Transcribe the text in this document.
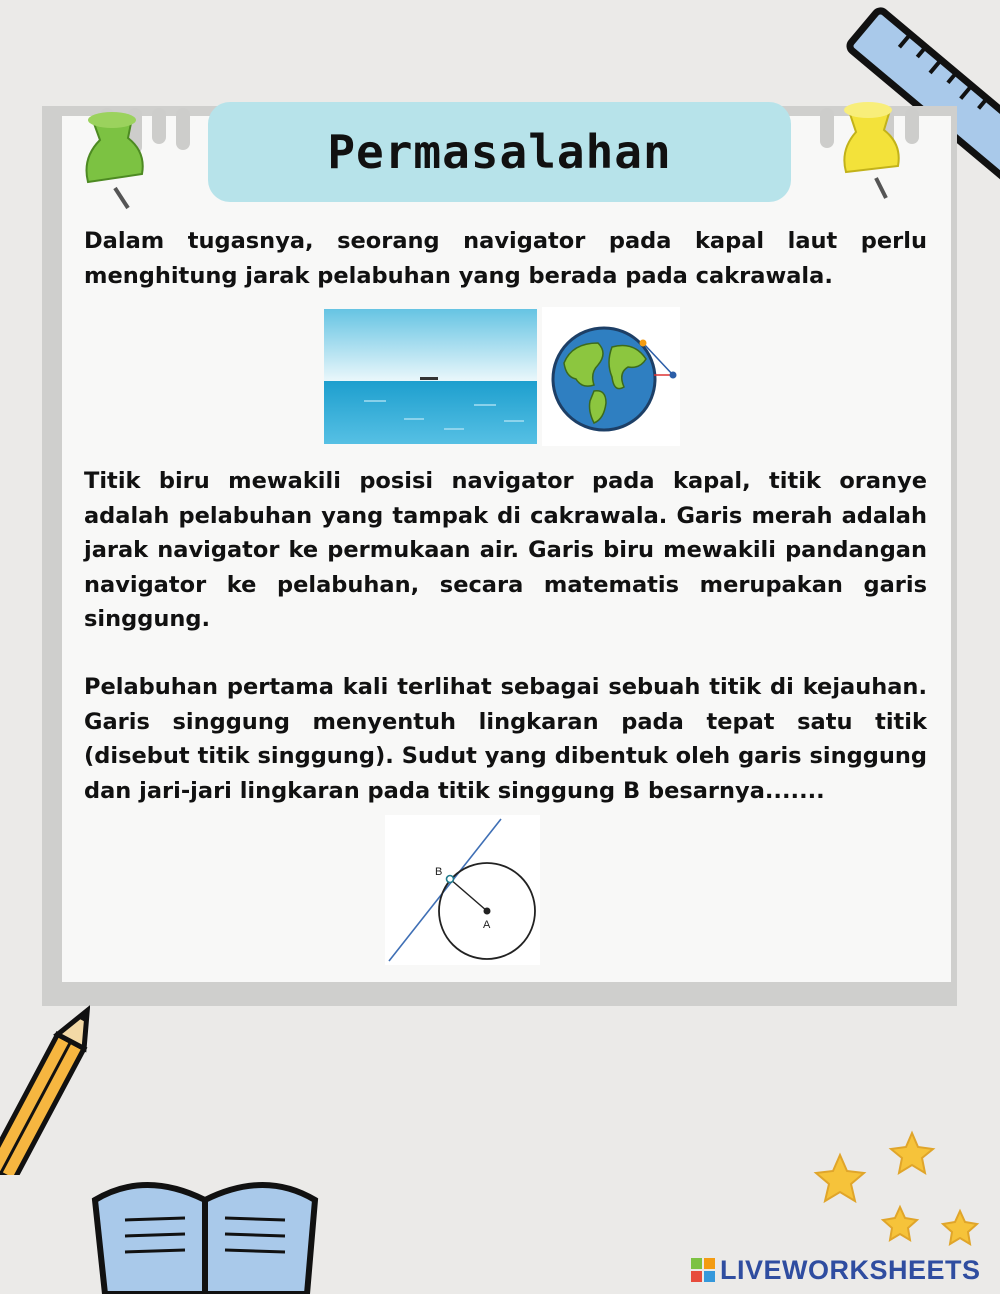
Permasalahan

Dalam tugasnya, seorang navigator pada kapal laut perlu menghitung jarak pelabuhan yang berada pada cakrawala.

Titik biru mewakili posisi navigator pada kapal, titik oranye adalah pelabuhan yang tampak di cakrawala. Garis merah adalah jarak navigator ke permukaan air. Garis biru mewakili pandangan navigator ke pelabuhan, secara matematis merupakan garis singgung.

Pelabuhan pertama kali terlihat sebagai sebuah titik di kejauhan. Garis singgung menyentuh lingkaran pada tepat satu titik (disebut titik singgung). Sudut yang dibentuk oleh garis singgung dan jari-jari lingkaran pada titik singgung B besarnya.......

B
A
LIVEWORKSHEETS
